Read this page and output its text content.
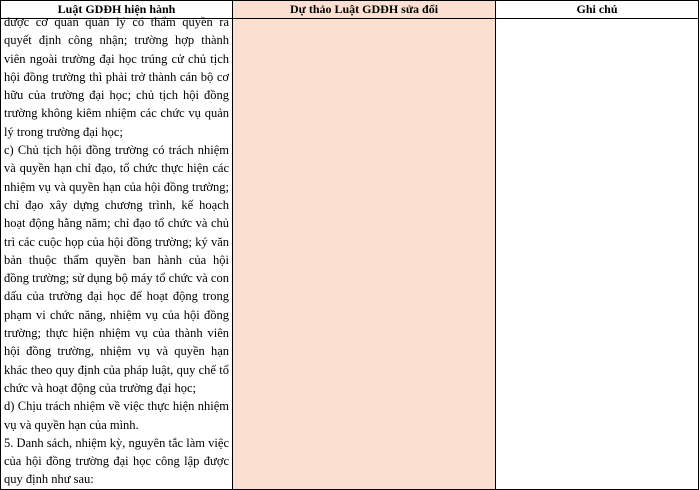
Luật GDĐH hiện hành	Dự thảo Luật GDĐH sửa đổi	Ghi chú

được cơ quan quản lý có thẩm quyền ra quyết định công nhận; trường hợp thành viên ngoài trường đại học trúng cử chủ tịch hội đồng trường thì phải trở thành cán bộ cơ hữu của trường đại học; chủ tịch hội đồng trường không kiêm nhiệm các chức vụ quản lý trong trường đại học;

c) Chủ tịch hội đồng trường có trách nhiệm và quyền hạn chỉ đạo, tổ chức thực hiện các nhiệm vụ và quyền hạn của hội đồng trường; chỉ đạo xây dựng chương trình, kế hoạch hoạt động hằng năm; chỉ đạo tổ chức và chủ trì các cuộc họp của hội đồng trường; ký văn bản thuộc thẩm quyền ban hành của hội đồng trường; sử dụng bộ máy tổ chức và con dấu của trường đại học để hoạt động trong phạm vi chức năng, nhiệm vụ của hội đồng trường; thực hiện nhiệm vụ của thành viên hội đồng trường, nhiệm vụ và quyền hạn khác theo quy định của pháp luật, quy chế tổ chức và hoạt động của trường đại học;

d) Chịu trách nhiệm về việc thực hiện nhiệm vụ và quyền hạn của mình.

5. Danh sách, nhiệm kỳ, nguyên tắc làm việc của hội đồng trường đại học công lập được quy định như sau:		
